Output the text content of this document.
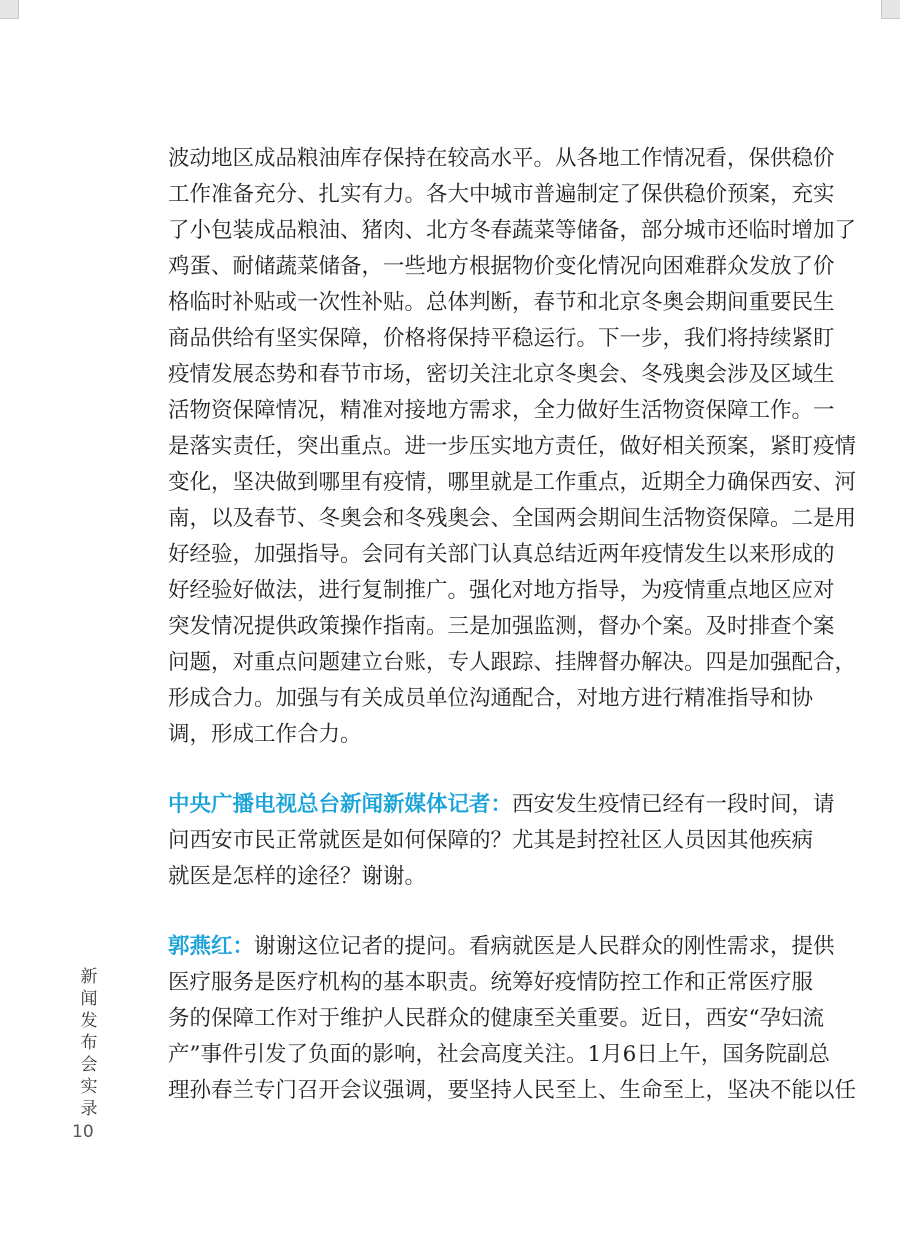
波动地区成品粮油库存保持在较高水平。从各地工作情况看，保供稳价
工作准备充分、扎实有力。各大中城市普遍制定了保供稳价预案，充实
了小包装成品粮油、猪肉、北方冬春蔬菜等储备，部分城市还临时增加了
鸡蛋、耐储蔬菜储备，一些地方根据物价变化情况向困难群众发放了价
格临时补贴或一次性补贴。总体判断，春节和北京冬奥会期间重要民生
商品供给有坚实保障，价格将保持平稳运行。下一步，我们将持续紧盯
疫情发展态势和春节市场，密切关注北京冬奥会、冬残奥会涉及区域生
活物资保障情况，精准对接地方需求，全力做好生活物资保障工作。一
是落实责任，突出重点。进一步压实地方责任，做好相关预案，紧盯疫情
变化，坚决做到哪里有疫情，哪里就是工作重点，近期全力确保西安、河
南，以及春节、冬奥会和冬残奥会、全国两会期间生活物资保障。二是用
好经验，加强指导。会同有关部门认真总结近两年疫情发生以来形成的
好经验好做法，进行复制推广。强化对地方指导，为疫情重点地区应对
突发情况提供政策操作指南。三是加强监测，督办个案。及时排查个案
问题，对重点问题建立台账，专人跟踪、挂牌督办解决。四是加强配合，
形成合力。加强与有关成员单位沟通配合，对地方进行精准指导和协
调，形成工作合力。
中央广播电视总台新闻新媒体记者：西安发生疫情已经有一段时间，请
问西安市民正常就医是如何保障的？尤其是封控社区人员因其他疾病
就医是怎样的途径？谢谢。
郭燕红：谢谢这位记者的提问。看病就医是人民群众的刚性需求，提供
医疗服务是医疗机构的基本职责。统筹好疫情防控工作和正常医疗服
务的保障工作对于维护人民群众的健康至关重要。近日，西安“孕妇流
产”事件引发了负面的影响，社会高度关注。1月6日上午，国务院副总
理孙春兰专门召开会议强调，要坚持人民至上、生命至上，坚决不能以任
新闻发布会实录
10
